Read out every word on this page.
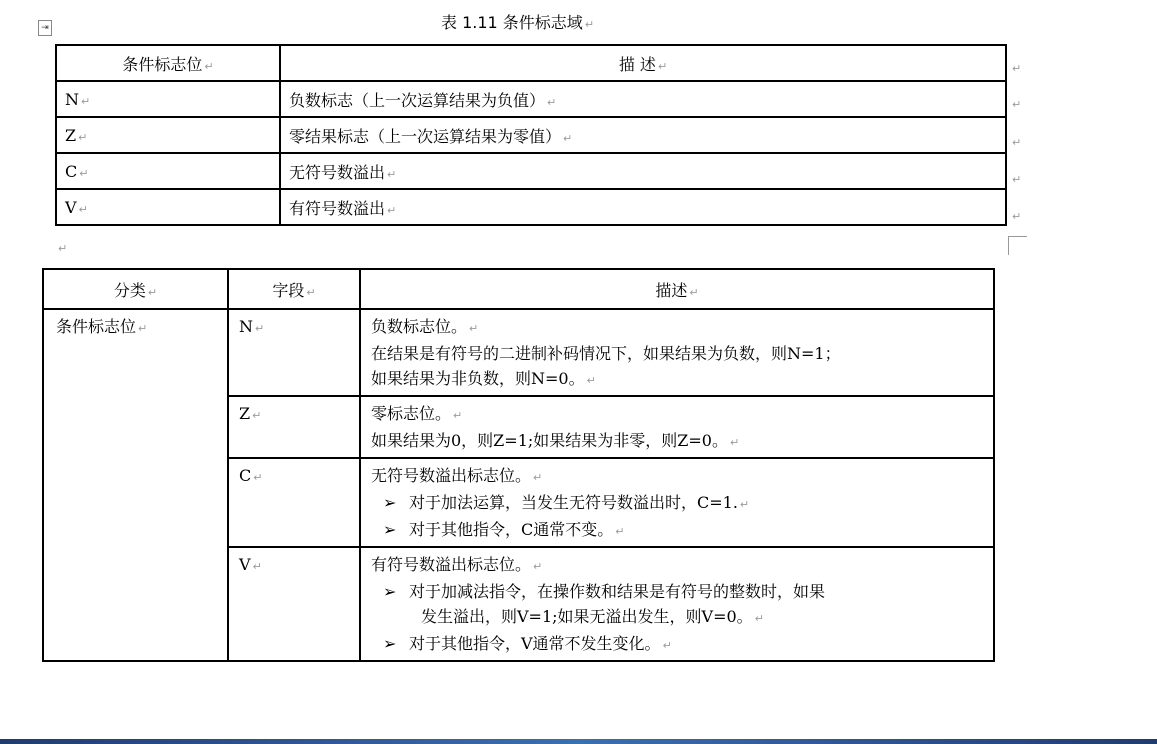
⇥	表 1.11 条件标志域 ↵
条件标志位 ↵	描 述 ↵
N ↵	负数标志（上一次运算结果为负值） ↵
Z ↵	零结果标志（上一次运算结果为零值） ↵
C ↵	无符号数溢出 ↵
V ↵	有符号数溢出 ↵
↵
↵
↵
↵
↵
↵
分类 ↵	字段 ↵	描述 ↵
条件标志位 ↵	N ↵	负数标志位。 ↵
在结果是有符号的二进制补码情况下，如果结果为负数，则N=1；
如果结果为非负数，则N=0。 ↵

	Z ↵	零标志位。 ↵
如果结果为0，则Z=1;如果结果为非零，则Z=0。 ↵

	C ↵	无符号数溢出标志位。 ↵
➢ 对于加法运算，当发生无符号数溢出时，C=1. ↵
➢ 对于其他指令，C通常不变。 ↵

	V ↵	有符号数溢出标志位。 ↵
➢ 对于加减法指令，在操作数和结果是有符号的整数时，如果
发生溢出，则V=1;如果无溢出发生，则V=0。 ↵
➢ 对于其他指令，V通常不发生变化。 ↵
